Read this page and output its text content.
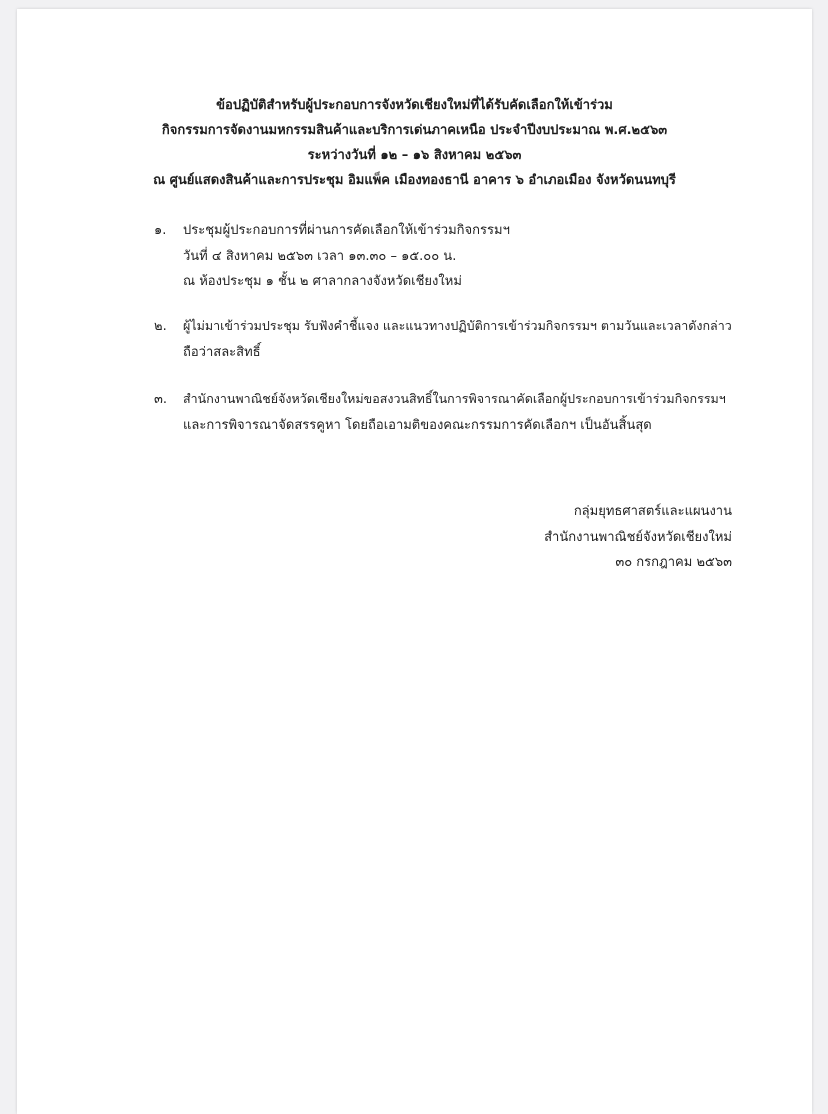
ข้อปฏิบัติสำหรับผู้ประกอบการจังหวัดเชียงใหม่ที่ได้รับคัดเลือกให้เข้าร่วม
กิจกรรมการจัดงานมหกรรมสินค้าและบริการเด่นภาคเหนือ ประจำปีงบประมาณ พ.ศ.๒๕๖๓
ระหว่างวันที่ ๑๒ – ๑๖ สิงหาคม ๒๕๖๓
ณ ศูนย์แสดงสินค้าและการประชุม อิมแพ็ค เมืองทองธานี อาคาร ๖ อำเภอเมือง จังหวัดนนทบุรี
๑. ประชุมผู้ประกอบการที่ผ่านการคัดเลือกให้เข้าร่วมกิจกรรมฯ
วันที่ ๔ สิงหาคม ๒๕๖๓ เวลา ๑๓.๓๐ – ๑๕.๐๐ น.
ณ ห้องประชุม ๑ ชั้น ๒ ศาลากลางจังหวัดเชียงใหม่
๒. ผู้ไม่มาเข้าร่วมประชุม รับฟังคำชี้แจง และแนวทางปฏิบัติการเข้าร่วมกิจกรรมฯ ตามวันและเวลาดังกล่าว
ถือว่าสละสิทธิ์
๓. สำนักงานพาณิชย์จังหวัดเชียงใหม่ขอสงวนสิทธิ์ในการพิจารณาคัดเลือกผู้ประกอบการเข้าร่วมกิจกรรมฯ
และการพิจารณาจัดสรรคูหา โดยถือเอามติของคณะกรรมการคัดเลือกฯ เป็นอันสิ้นสุด
กลุ่มยุทธศาสตร์และแผนงาน
สำนักงานพาณิชย์จังหวัดเชียงใหม่
๓๐ กรกฎาคม ๒๕๖๓
